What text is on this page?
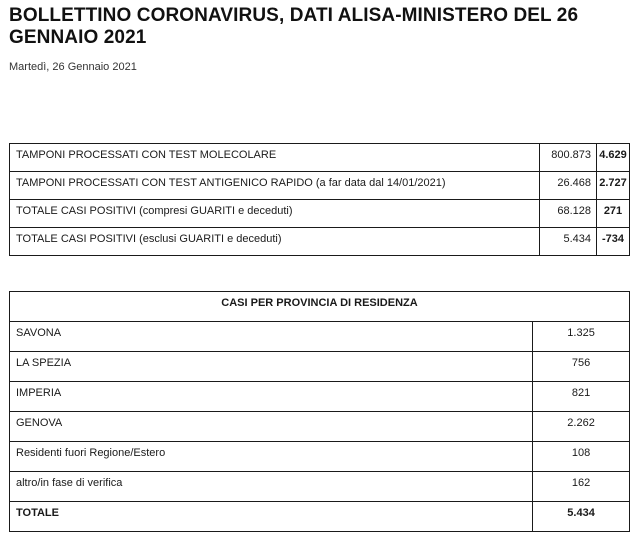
BOLLETTINO CORONAVIRUS, DATI ALISA-MINISTERO DEL 26 GENNAIO 2021
Martedì, 26 Gennaio 2021
TAMPONI PROCESSATI CON TEST MOLECOLARE	800.873	4.629
TAMPONI PROCESSATI CON TEST ANTIGENICO RAPIDO (a far data dal 14/01/2021)	26.468	2.727
TOTALE CASI POSITIVI (compresi GUARITI e deceduti)	68.128	271
TOTALE CASI POSITIVI (esclusi GUARITI e deceduti)	5.434	-734
CASI PER PROVINCIA DI RESIDENZA	
SAVONA	1.325
LA SPEZIA	756
IMPERIA	821
GENOVA	2.262
Residenti fuori Regione/Estero	108
altro/in fase di verifica	162
TOTALE	5.434
